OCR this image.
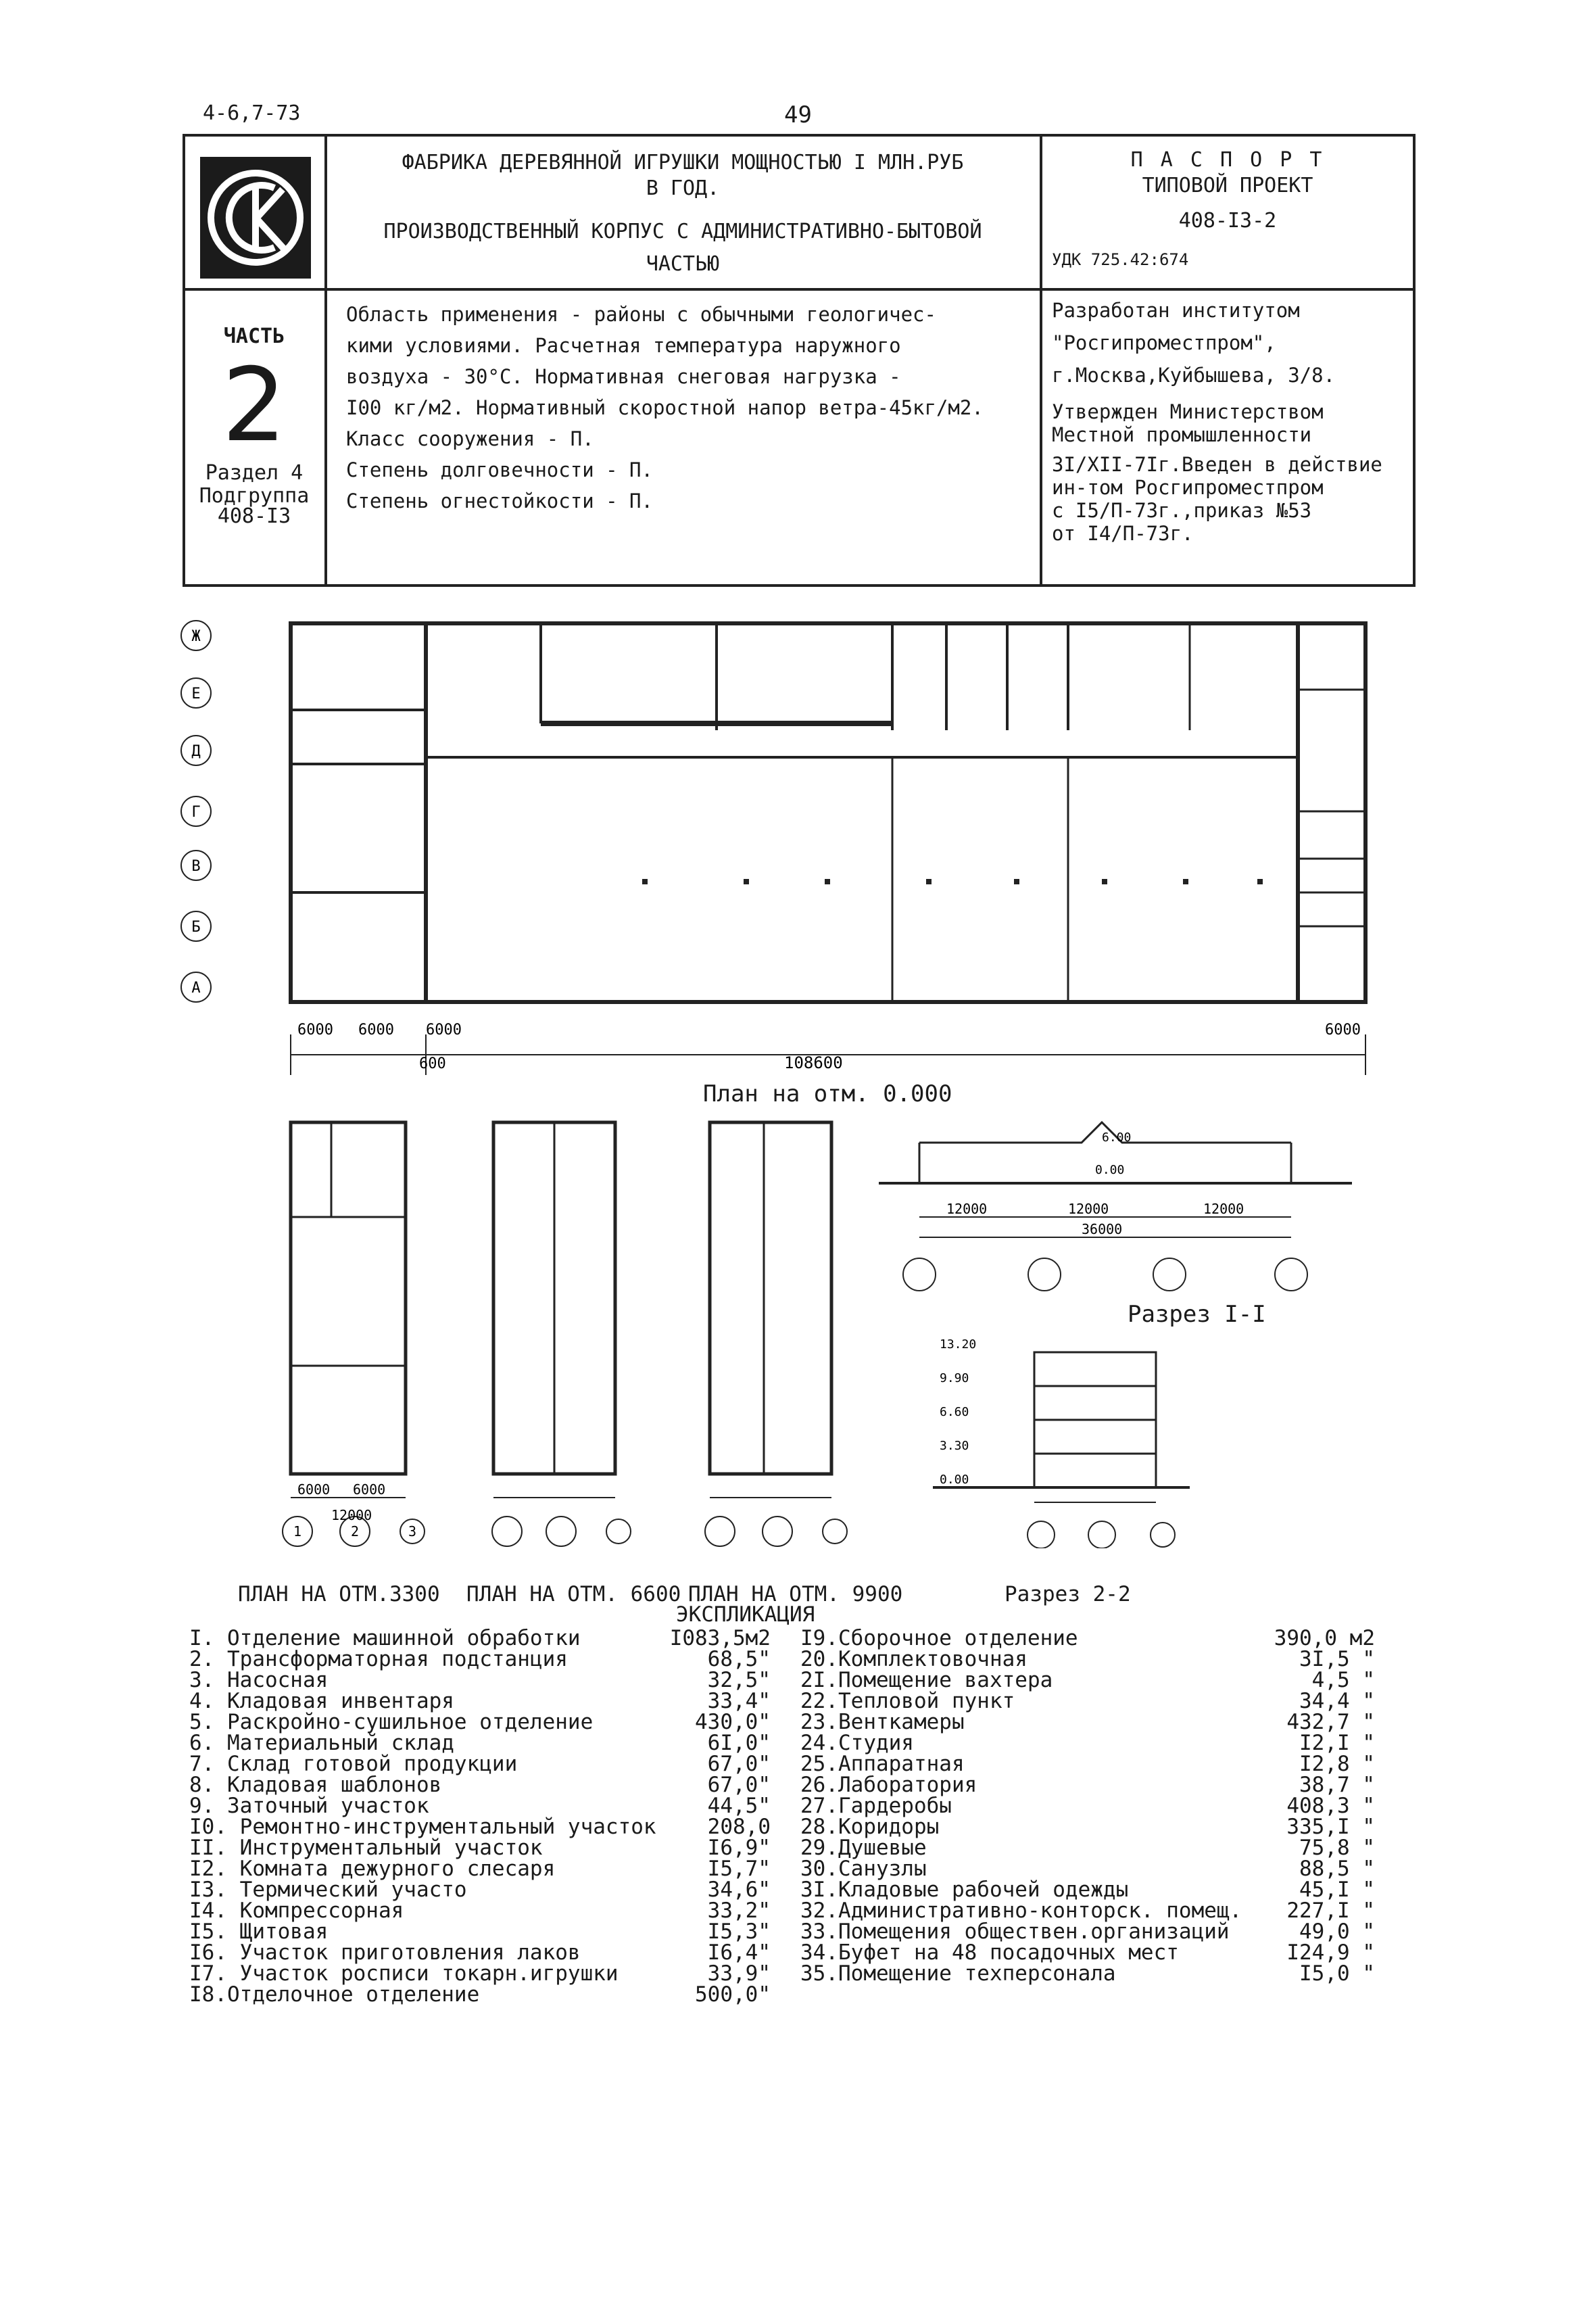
4-6,7-73	49
ФАБРИКА ДЕРЕВЯННОЙ ИГРУШКИ МОЩНОСТЬЮ I МЛН.РУБ
В ГОД.
ПРОИЗВОДСТВЕННЫЙ КОРПУС С АДМИНИСТРАТИВНО-БЫТОВОЙ
ЧАСТЬЮ
П А С П О Р Т
ТИПОВОЙ ПРОЕКТ
408-I3-2
УДК 725.42:674
ЧАСТЬ
2
Раздел 4
Подгруппа
408-I3
Область применения - районы с обычными геологичес-
кими условиями. Расчетная температура наружного
воздуха - 30°С. Нормативная снеговая нагрузка -
I00 кг/м2. Нормативный скоростной напор ветра-45кг/м2.
Класс сооружения - П.
Степень долговечности - П.
Степень огнестойкости - П.
Разработан институтом
"Росгипроместпром",
г.Москва,Куйбышева, 3/8.
Утвержден Министерством
Местной промышленности
3I/XII-7Iг.Введен в действие
ин-том Росгипроместпром
с I5/П-73г.,приказ №53
от I4/П-73г.
Ж
Е
Д
Г
В
Б
А
6000 6000 6000
600	108600
6000
План на отм. 0.000
6000 6000
12000
1	2	3
12000	12000	12000
36000
6.00
0.00
Разрез I-I
13.20
9.90
6.60
3.30
0.00
ПЛАН НА ОТМ.3300 ПЛАН НА ОТМ. 6600 ПЛАН НА ОТМ. 9900	Разрез 2-2
ЭКСПЛИКАЦИЯ
I. Отделение машинной обработки	I083,5м2
2. Трансформаторная подстанция	68,5"
3. Насосная	32,5"
4. Кладовая инвентаря	33,4"
5. Раскройно-сушильное отделение	430,0"
6. Материальный склад	6I,0"
7. Склад готовой продукции	67,0"
8. Кладовая шаблонов	67,0"
9. Заточный участок	44,5"
I0. Ремонтно-инструментальный участок	208,0
II. Инструментальный участок	I6,9"
I2. Комната дежурного слесаря	I5,7"
I3. Термический участо	34,6"
I4. Компрессорная	33,2"
I5. Щитовая	I5,3"
I6. Участок приготовления лаков	I6,4"
I7. Участок росписи токарн.игрушки	33,9"
I8.Отделочное отделение	500,0"
I9.Сборочное отделение	390,0 м2
20.Комплектовочная	3I,5 "
2I.Помещение вахтера	4,5 "
22.Тепловой пункт	34,4 "
23.Венткамеры	432,7 "
24.Студия	I2,I "
25.Аппаратная	I2,8 "
26.Лаборатория	38,7 "
27.Гардеробы	408,3 "
28.Коридоры	335,I "
29.Душевые	75,8 "
30.Санузлы	88,5 "
3I.Кладовые рабочей одежды	45,I "
32.Административно-конторск. помещ.	227,I "
33.Помещения обществен.организаций	49,0 "
34.Буфет на 48 посадочных мест	I24,9 "
35.Помещение техперсонала	I5,0 "
